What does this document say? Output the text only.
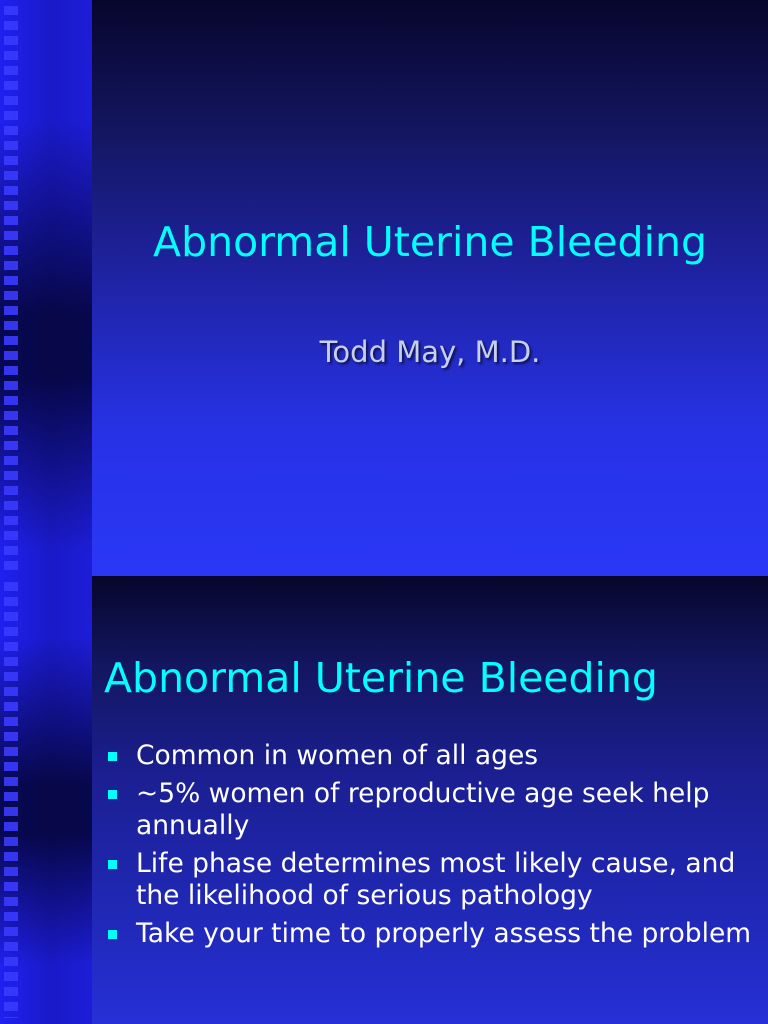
Abnormal Uterine Bleeding
Todd May, M.D.
Abnormal Uterine Bleeding
Common in women of all ages
~5% women of reproductive age seek help annually
Life phase determines most likely cause, and the likelihood of serious pathology
Take your time to properly assess the problem
